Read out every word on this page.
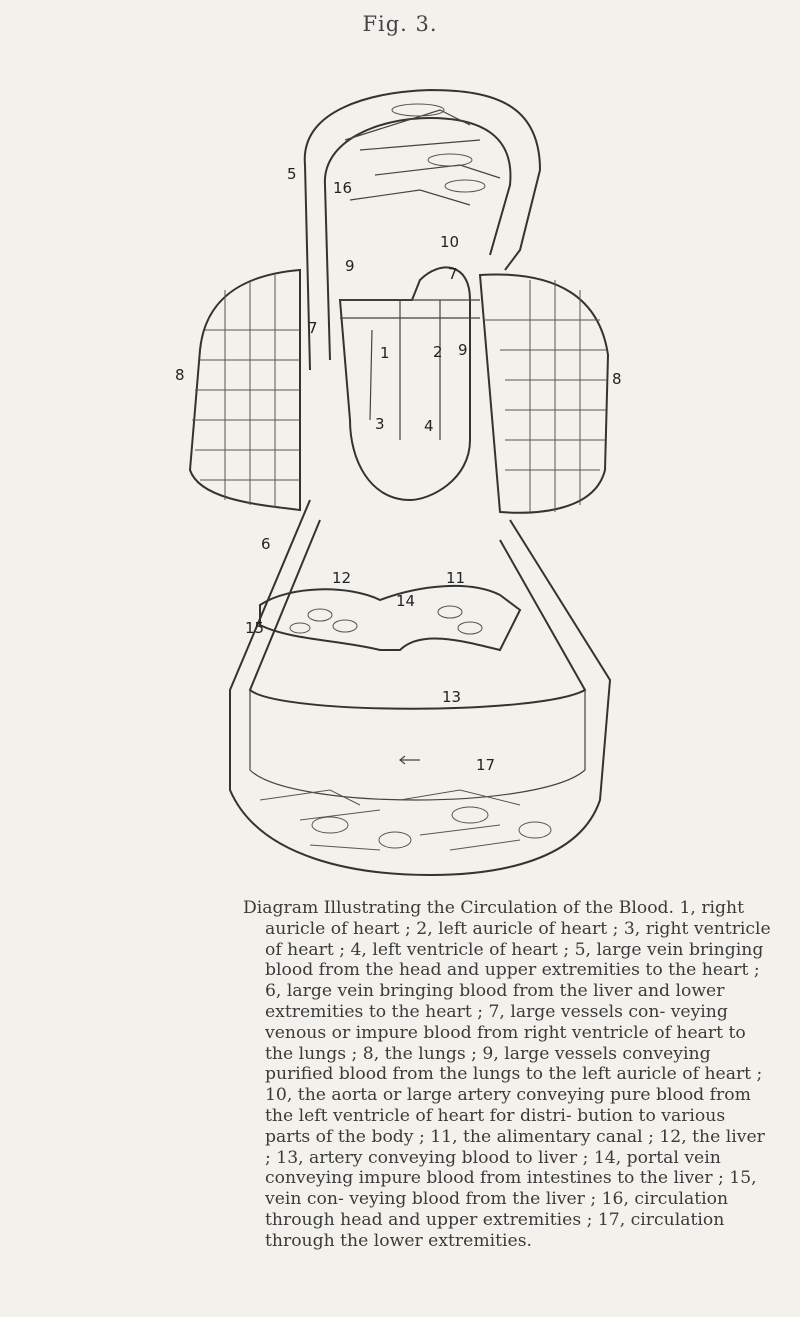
Fig. 3.
5
16
10
9	7
7
1	2 9
8	8
3	4
6
12	11
14
15
13
17
Diagram Illustrating the Circulation of the Blood. 1, right auricle of heart ; 2, left auricle of heart ; 3, right ventricle of heart ; 4, left ventricle of heart ; 5, large vein bringing blood from the head and upper extremities to the heart ; 6, large vein bringing blood from the liver and lower extremities to the heart ; 7, large vessels con- veying venous or impure blood from right ventricle of heart to the lungs ; 8, the lungs ; 9, large vessels conveying purified blood from the lungs to the left auricle of heart ; 10, the aorta or large artery conveying pure blood from the left ventricle of heart for distri- bution to various parts of the body ; 11, the alimentary canal ; 12, the liver ; 13, artery conveying blood to liver ; 14, portal vein conveying impure blood from intestines to the liver ; 15, vein con- veying blood from the liver ; 16, circulation through head and upper extremities ; 17, circulation through the lower extremities.
